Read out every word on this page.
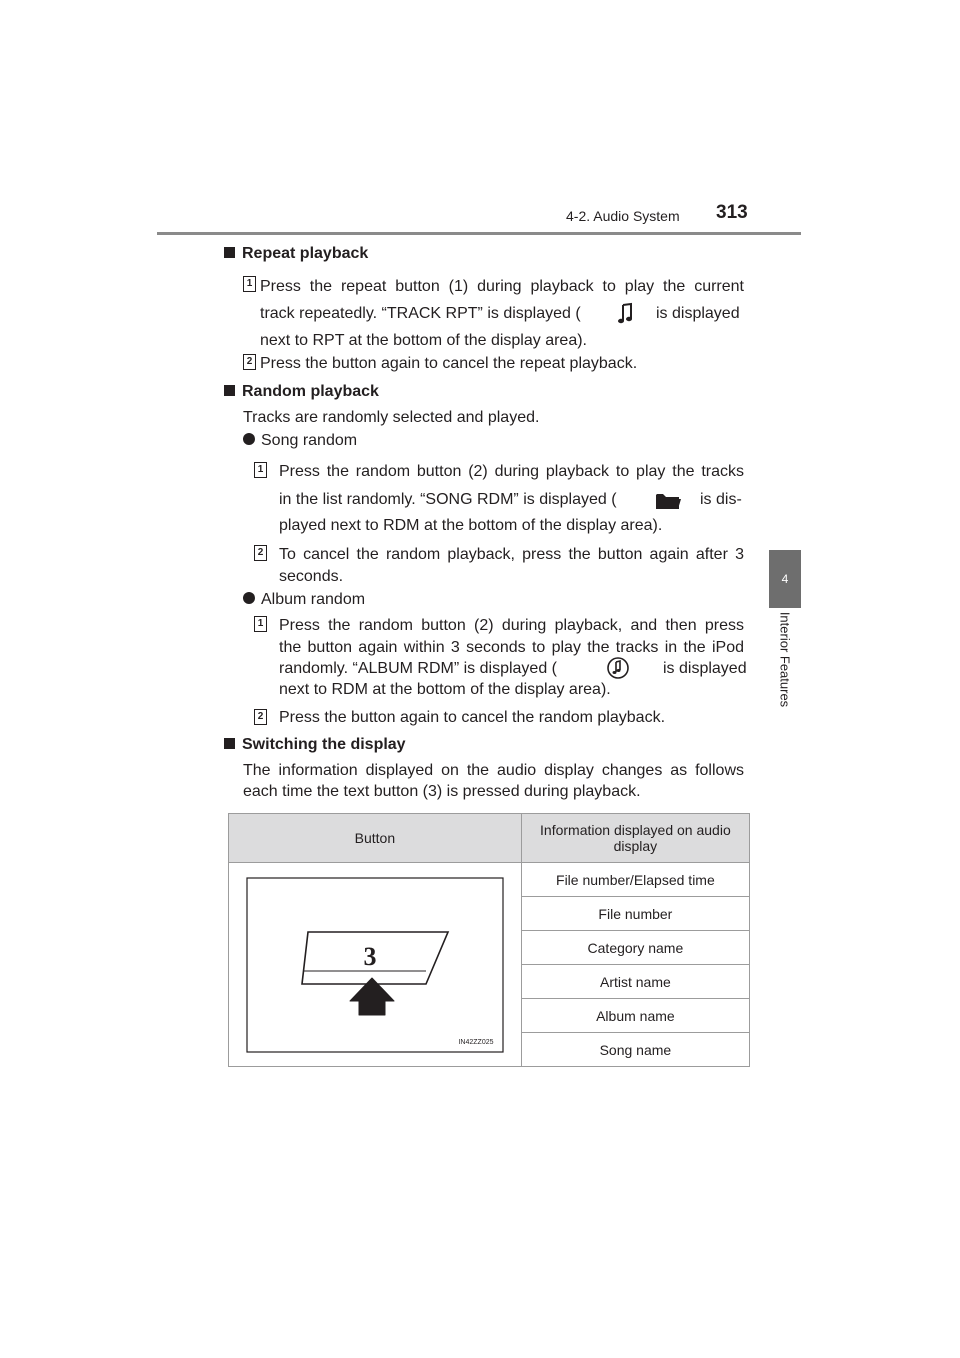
4-2. Audio System 313
4
Interior Features
Repeat playback
1 Press the repeat button (1) during playback to play the current
track repeatedly. “TRACK RPT” is displayed (	is displayed
next to RPT at the bottom of the display area).
2 Press the button again to cancel the repeat playback.
Random playback
Tracks are randomly selected and played.
Song random
1 Press the random button (2) during playback to play the tracks
in the list randomly. “SONG RDM” is displayed (	is dis-
played next to RDM at the bottom of the display area).
2 To cancel the random playback, press the button again after 3
seconds.
Album random
1 Press the random button (2) during playback, and then press
the button again within 3 seconds to play the tracks in the iPod
randomly. “ALBUM RDM” is displayed (	is displayed
next to RDM at the bottom of the display area).
2 Press the button again to cancel the random playback.
Switching the display
The information displayed on the audio display changes as follows
each time the text button (3) is pressed during playback.
Button	Information displayed on audio display

3
IN42ZZ025	File number/Elapsed time
	File number
	Category name
	Artist name
	Album name
	Song name
